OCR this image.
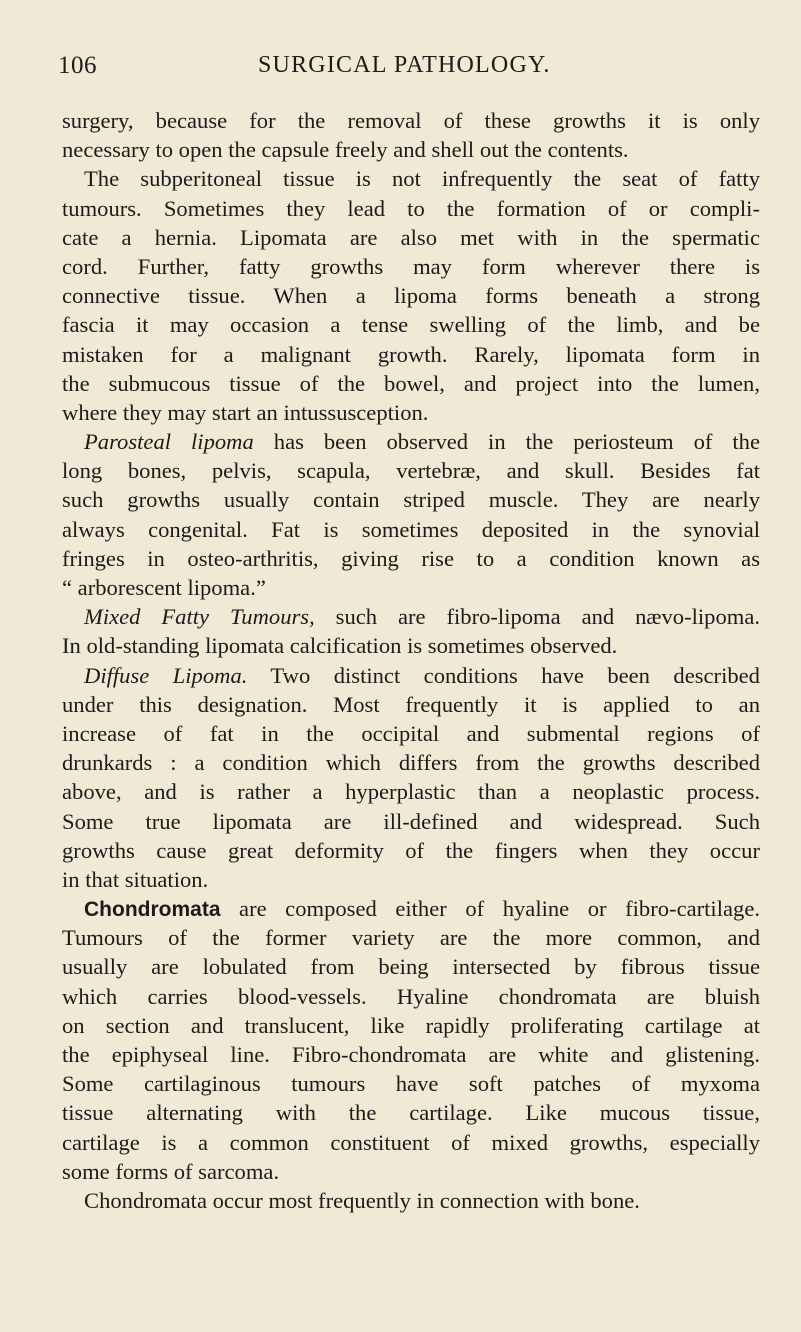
106	SURGICAL PATHOLOGY.
surgery, because for the removal of these growths it is only
necessary to open the capsule freely and shell out the contents.
The subperitoneal tissue is not infrequently the seat of fatty
tumours. Sometimes they lead to the formation of or compli-
cate a hernia. Lipomata are also met with in the spermatic
cord. Further, fatty growths may form wherever there is
connective tissue. When a lipoma forms beneath a strong
fascia it may occasion a tense swelling of the limb, and be
mistaken for a malignant growth. Rarely, lipomata form in
the submucous tissue of the bowel, and project into the lumen,
where they may start an intussusception.
Parosteal lipoma has been observed in the periosteum of the
long bones, pelvis, scapula, vertebræ, and skull. Besides fat
such growths usually contain striped muscle. They are nearly
always congenital. Fat is sometimes deposited in the synovial
fringes in osteo-arthritis, giving rise to a condition known as
“ arborescent lipoma.”
Mixed Fatty Tumours, such are fibro-lipoma and nævo-lipoma.
In old-standing lipomata calcification is sometimes observed.
Diffuse Lipoma. Two distinct conditions have been described
under this designation. Most frequently it is applied to an
increase of fat in the occipital and submental regions of
drunkards : a condition which differs from the growths described
above, and is rather a hyperplastic than a neoplastic process.
Some true lipomata are ill-defined and widespread. Such
growths cause great deformity of the fingers when they occur
in that situation.
Chondromata are composed either of hyaline or fibro-cartilage.
Tumours of the former variety are the more common, and
usually are lobulated from being intersected by fibrous tissue
which carries blood-vessels. Hyaline chondromata are bluish
on section and translucent, like rapidly proliferating cartilage at
the epiphyseal line. Fibro-chondromata are white and glistening.
Some cartilaginous tumours have soft patches of myxoma
tissue alternating with the cartilage. Like mucous tissue,
cartilage is a common constituent of mixed growths, especially
some forms of sarcoma.
Chondromata occur most frequently in connection with bone.
